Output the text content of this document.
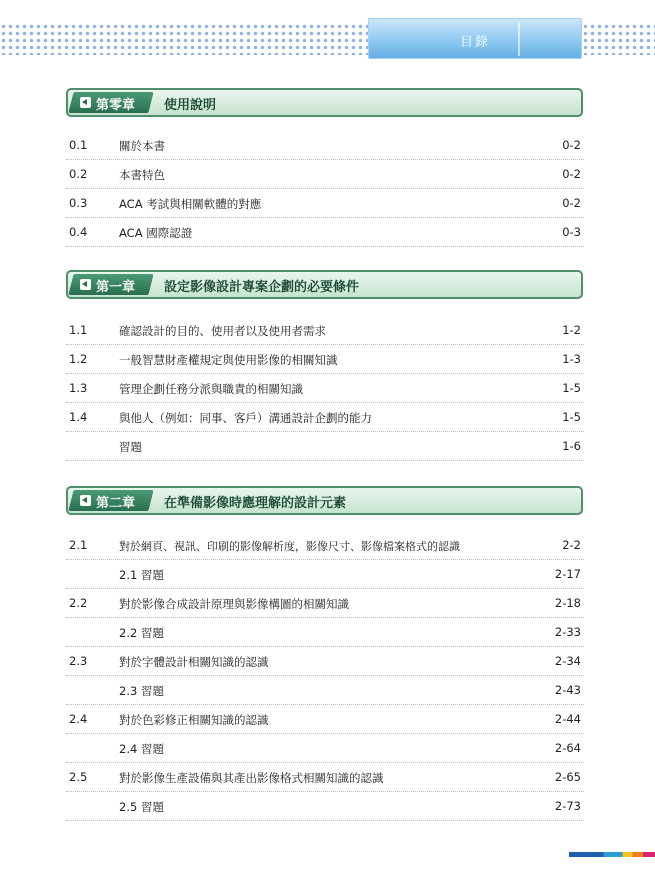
目錄
第零章 使用說明
0.1	關於本書	0-2
0.2	本書特色	0-2
0.3	ACA 考試與相關軟體的對應	0-2
0.4	ACA 國際認證	0-3
第一章 設定影像設計專案企劃的必要條件
1.1	確認設計的目的、使用者以及使用者需求	1-2
1.2	一般智慧財產權規定與使用影像的相關知識	1-3
1.3	管理企劃任務分派與職責的相關知識	1-5
1.4	與他人（例如：同事、客戶）溝通設計企劃的能力	1-5
習題	1-6
第二章 在準備影像時應理解的設計元素
2.1	對於網頁、視訊、印刷的影像解析度，影像尺寸、影像檔案格式的認識	2-2
2.1 習題	2-17
2.2	對於影像合成設計原理與影像構圖的相關知識	2-18
2.2 習題	2-33
2.3	對於字體設計相關知識的認識	2-34
2.3 習題	2-43
2.4	對於色彩修正相關知識的認識	2-44
2.4 習題	2-64
2.5	對於影像生產設備與其產出影像格式相關知識的認識	2-65
2.5 習題	2-73
